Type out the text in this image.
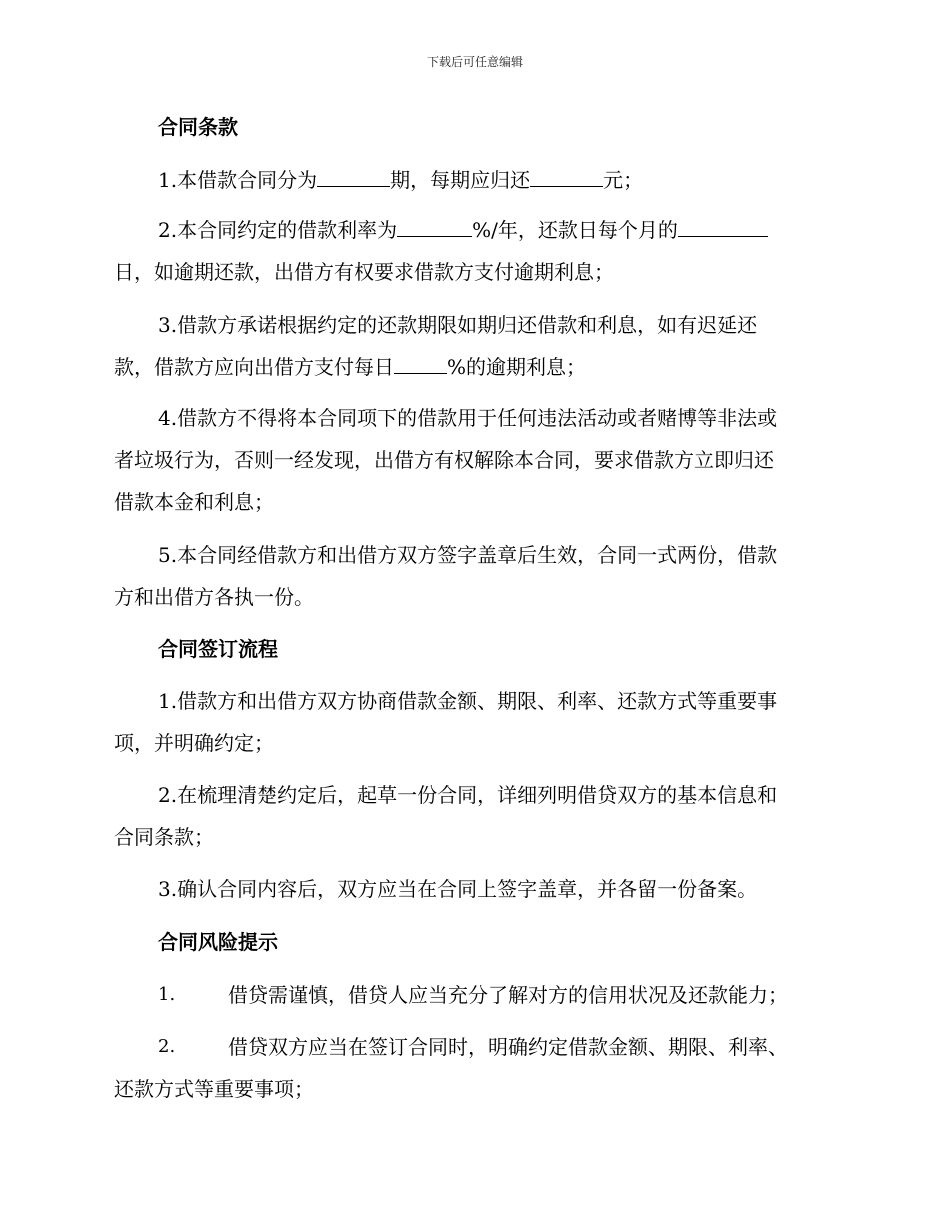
下载后可任意编辑
合同条款
1.本借款合同分为	期，每期应归还	元；
2.本合同约定的借款利率为	%/年，还款日每个月的
日，如逾期还款，出借方有权要求借款方支付逾期利息；
3.借款方承诺根据约定的还款期限如期归还借款和利息，如有迟延还
款，借款方应向出借方支付每日	%的逾期利息；
4.借款方不得将本合同项下的借款用于任何违法活动或者赌博等非法或
者垃圾行为，否则一经发现，出借方有权解除本合同，要求借款方立即归还
借款本金和利息；
5.本合同经借款方和出借方双方签字盖章后生效，合同一式两份，借款
方和出借方各执一份。
合同签订流程
1.借款方和出借方双方协商借款金额、期限、利率、还款方式等重要事
项，并明确约定；
2.在梳理清楚约定后，起草一份合同，详细列明借贷双方的基本信息和
合同条款；
3.确认合同内容后，双方应当在合同上签字盖章，并各留一份备案。
合同风险提示
1.	借贷需谨慎，借贷人应当充分了解对方的信用状况及还款能力；
2.	借贷双方应当在签订合同时，明确约定借款金额、期限、利率、
还款方式等重要事项；
